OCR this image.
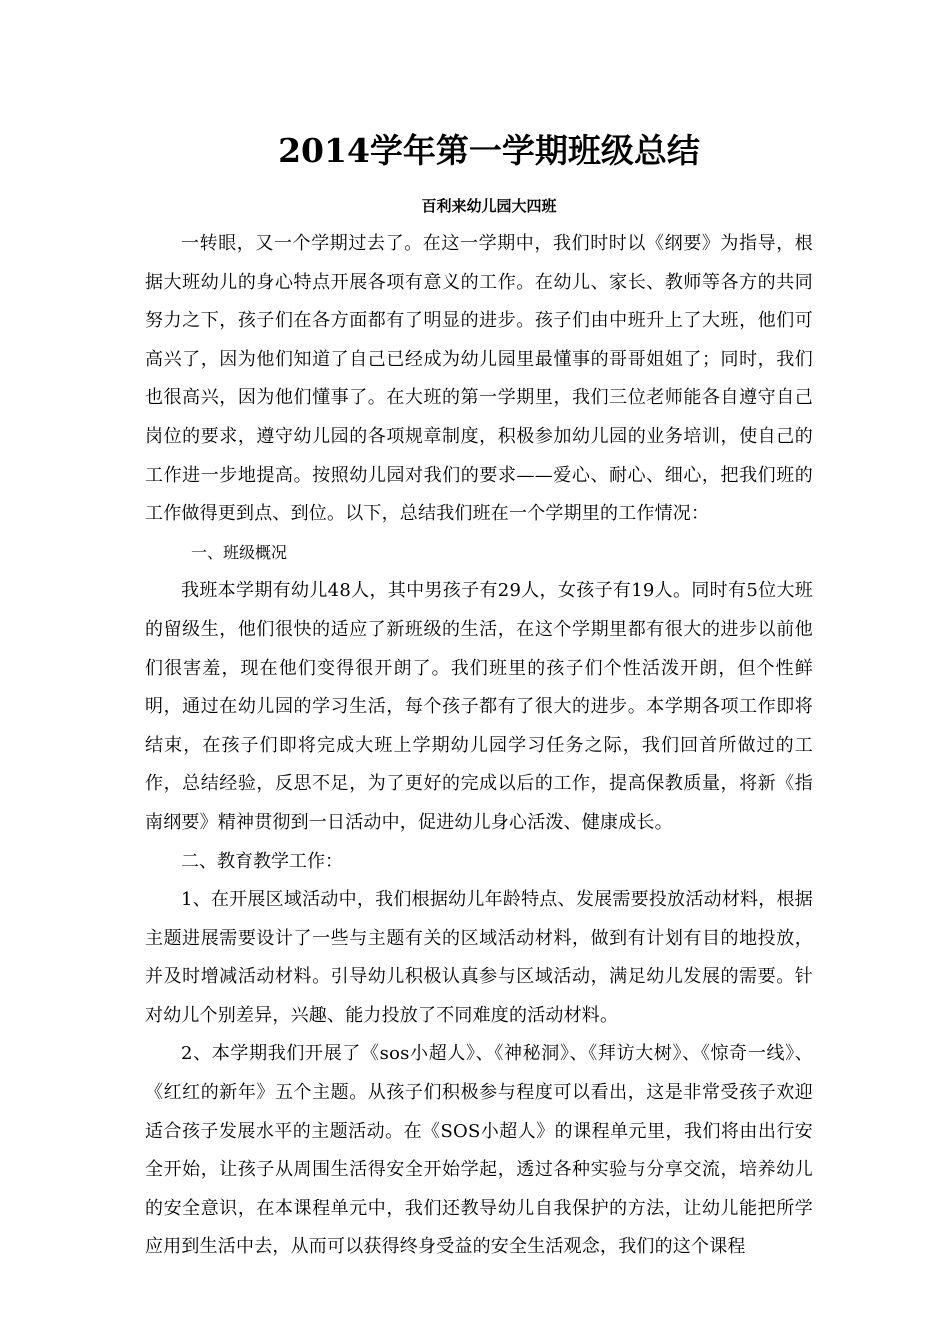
2014学年第一学期班级总结

百利来幼儿园大四班

一转眼，又一个学期过去了。在这一学期中，我们时时以《纲要》为指导，根据大班幼儿的身心特点开展各项有意义的工作。在幼儿、家长、教师等各方的共同努力之下，孩子们在各方面都有了明显的进步。孩子们由中班升上了大班，他们可高兴了，因为他们知道了自己已经成为幼儿园里最懂事的哥哥姐姐了；同时，我们也很高兴，因为他们懂事了。在大班的第一学期里，我们三位老师能各自遵守自己岗位的要求，遵守幼儿园的各项规章制度，积极参加幼儿园的业务培训，使自己的工作进一步地提高。按照幼儿园对我们的要求——爱心、耐心、细心，把我们班的工作做得更到点、到位。以下，总结我们班在一个学期里的工作情况：

一、班级概况

我班本学期有幼儿48人，其中男孩子有29人，女孩子有19人。同时有5位大班的留级生，他们很快的适应了新班级的生活，在这个学期里都有很大的进步以前他们很害羞，现在他们变得很开朗了。我们班里的孩子们个性活泼开朗，但个性鲜明，通过在幼儿园的学习生活，每个孩子都有了很大的进步。本学期各项工作即将结束，在孩子们即将完成大班上学期幼儿园学习任务之际，我们回首所做过的工作，总结经验，反思不足，为了更好的完成以后的工作，提高保教质量，将新《指南纲要》精神贯彻到一日活动中，促进幼儿身心活泼、健康成长。

二、教育教学工作：

1、在开展区域活动中，我们根据幼儿年龄特点、发展需要投放活动材料，根据主题进展需要设计了一些与主题有关的区域活动材料，做到有计划有目的地投放，并及时增减活动材料。引导幼儿积极认真参与区域活动，满足幼儿发展的需要。针对幼儿个别差异，兴趣、能力投放了不同难度的活动材料。

2、本学期我们开展了《sos小超人》、《神秘洞》、《拜访大树》、《惊奇一线》、《红红的新年》五个主题。从孩子们积极参与程度可以看出，这是非常受孩子欢迎适合孩子发展水平的主题活动。在《SOS小超人》的课程单元里，我们将由出行安全开始，让孩子从周围生活得安全开始学起，透过各种实验与分享交流，培养幼儿的安全意识，在本课程单元中，我们还教导幼儿自我保护的方法，让幼儿能把所学应用到生活中去，从而可以获得终身受益的安全生活观念，我们的这个课程
